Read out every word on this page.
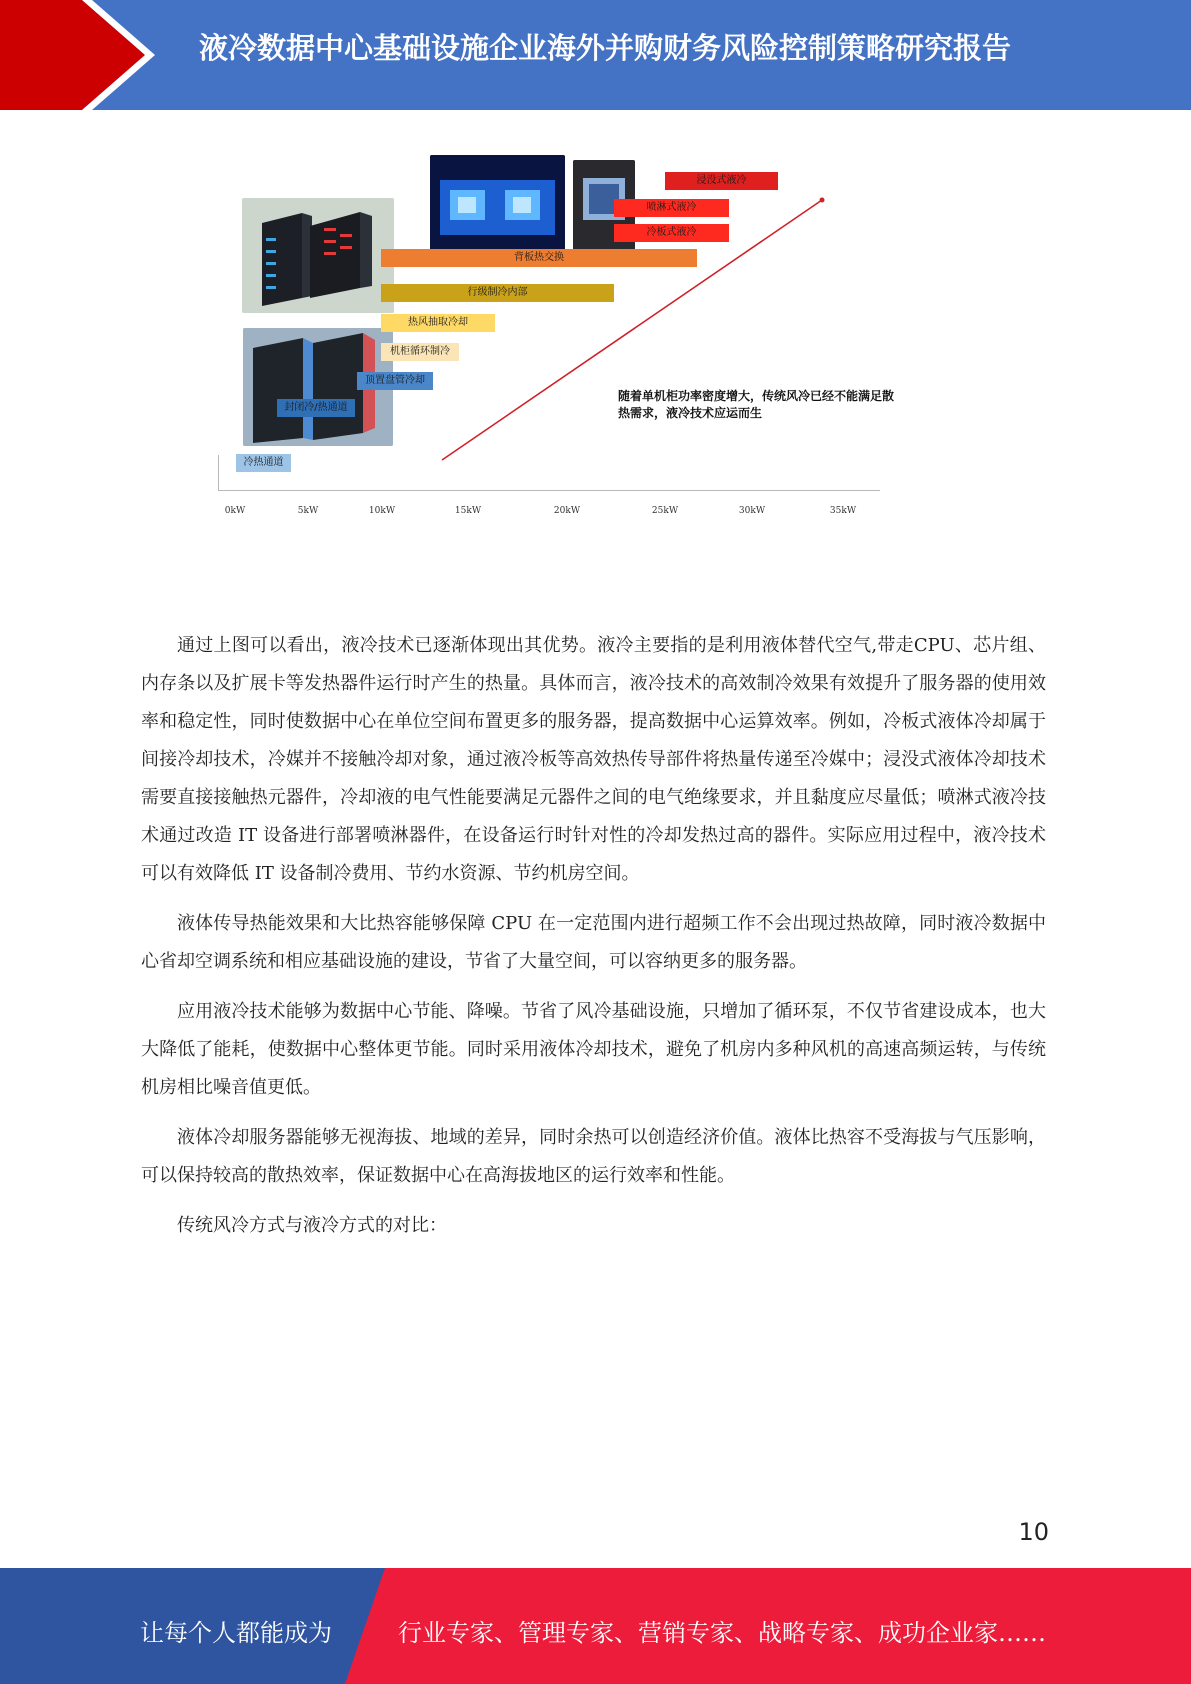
液冷数据中心基础设施企业海外并购财务风险控制策略研究报告
浸没式液冷
喷淋式液冷
冷板式液冷
背板热交换
行级制冷内部
热风抽取冷却
机柜循环制冷
顶置盘管冷却
封闭冷/热通道
冷热通道
随着单机柜功率密度增大，传统风冷已经不能满足散热需求，液冷技术应运而生
0kW	5kW	10kW	15kW	20kW	25kW	30kW	35kW

通过上图可以看出，液冷技术已逐渐体现出其优势。液冷主要指的是利用液体替代空气,带走CPU、芯片组、内存条以及扩展卡等发热器件运行时产生的热量。具体而言，液冷技术的高效制冷效果有效提升了服务器的使用效率和稳定性，同时使数据中心在单位空间布置更多的服务器，提高数据中心运算效率。例如，冷板式液体冷却属于间接冷却技术，冷媒并不接触冷却对象，通过液冷板等高效热传导部件将热量传递至冷媒中；浸没式液体冷却技术需要直接接触热元器件，冷却液的电气性能要满足元器件之间的电气绝缘要求，并且黏度应尽量低；喷淋式液冷技术通过改造 IT 设备进行部署喷淋器件，在设备运行时针对性的冷却发热过高的器件。实际应用过程中，液冷技术可以有效降低 IT 设备制冷费用、节约水资源、节约机房空间。

液体传导热能效果和大比热容能够保障 CPU 在一定范围内进行超频工作不会出现过热故障，同时液冷数据中心省却空调系统和相应基础设施的建设，节省了大量空间，可以容纳更多的服务器。

应用液冷技术能够为数据中心节能、降噪。节省了风冷基础设施，只增加了循环泵，不仅节省建设成本，也大大降低了能耗，使数据中心整体更节能。同时采用液体冷却技术，避免了机房内多种风机的高速高频运转，与传统机房相比噪音值更低。

液体冷却服务器能够无视海拔、地域的差异，同时余热可以创造经济价值。液体比热容不受海拔与气压影响，可以保持较高的散热效率，保证数据中心在高海拔地区的运行效率和性能。

传统风冷方式与液冷方式的对比：

10
让每个人都能成为	行业专家、管理专家、营销专家、战略专家、成功企业家……
